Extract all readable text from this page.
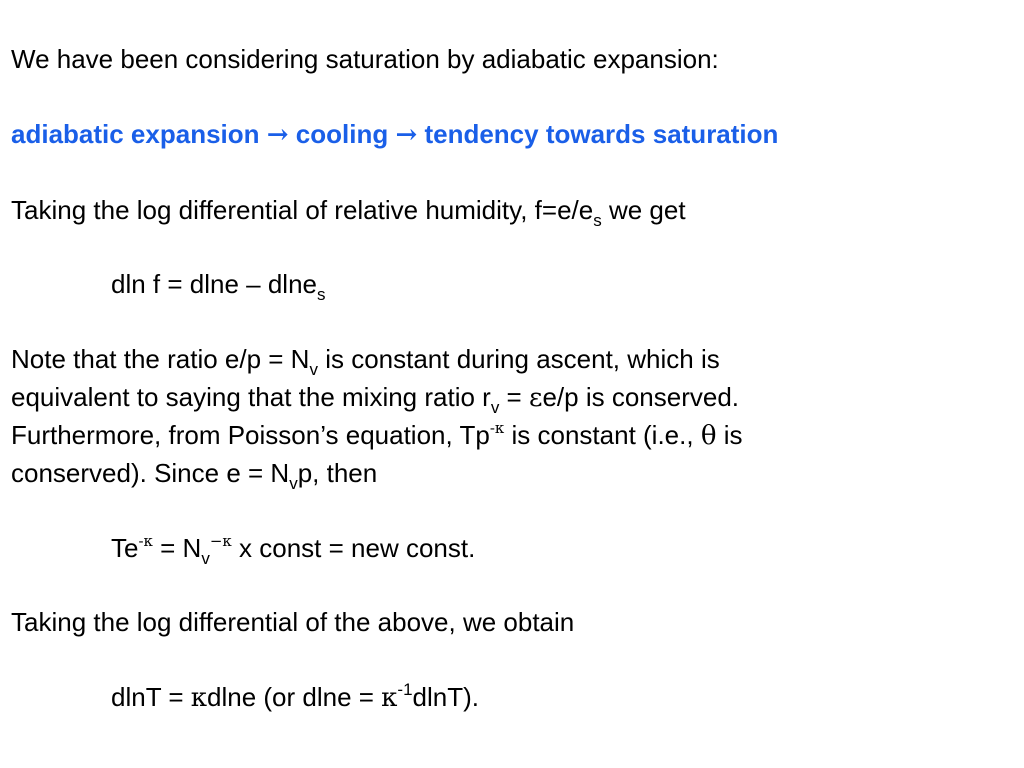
We have been considering saturation by adiabatic expansion:
adiabatic expansion → cooling → tendency towards saturation
Taking the log differential of relative humidity, $f=e/e_s$ we get
dln f = dlne – dlne$_s$
Note that the ratio $e/p = N_v$ is constant during ascent, which is
equivalent to saying that the mixing ratio $r_v = \varepsilon e/p$ is conserved.
Furthermore, from Poisson’s equation, $Tp^{-\kappa}$ is constant (i.e., θ is
conserved). Since $e = N_vp$, then
$Te^{-\kappa} = N_v^{-\kappa}$ x const = new const.
Taking the log differential of the above, we obtain
dlnT = κdlne (or $dlne = \kappa^{-1}dlnT$).
